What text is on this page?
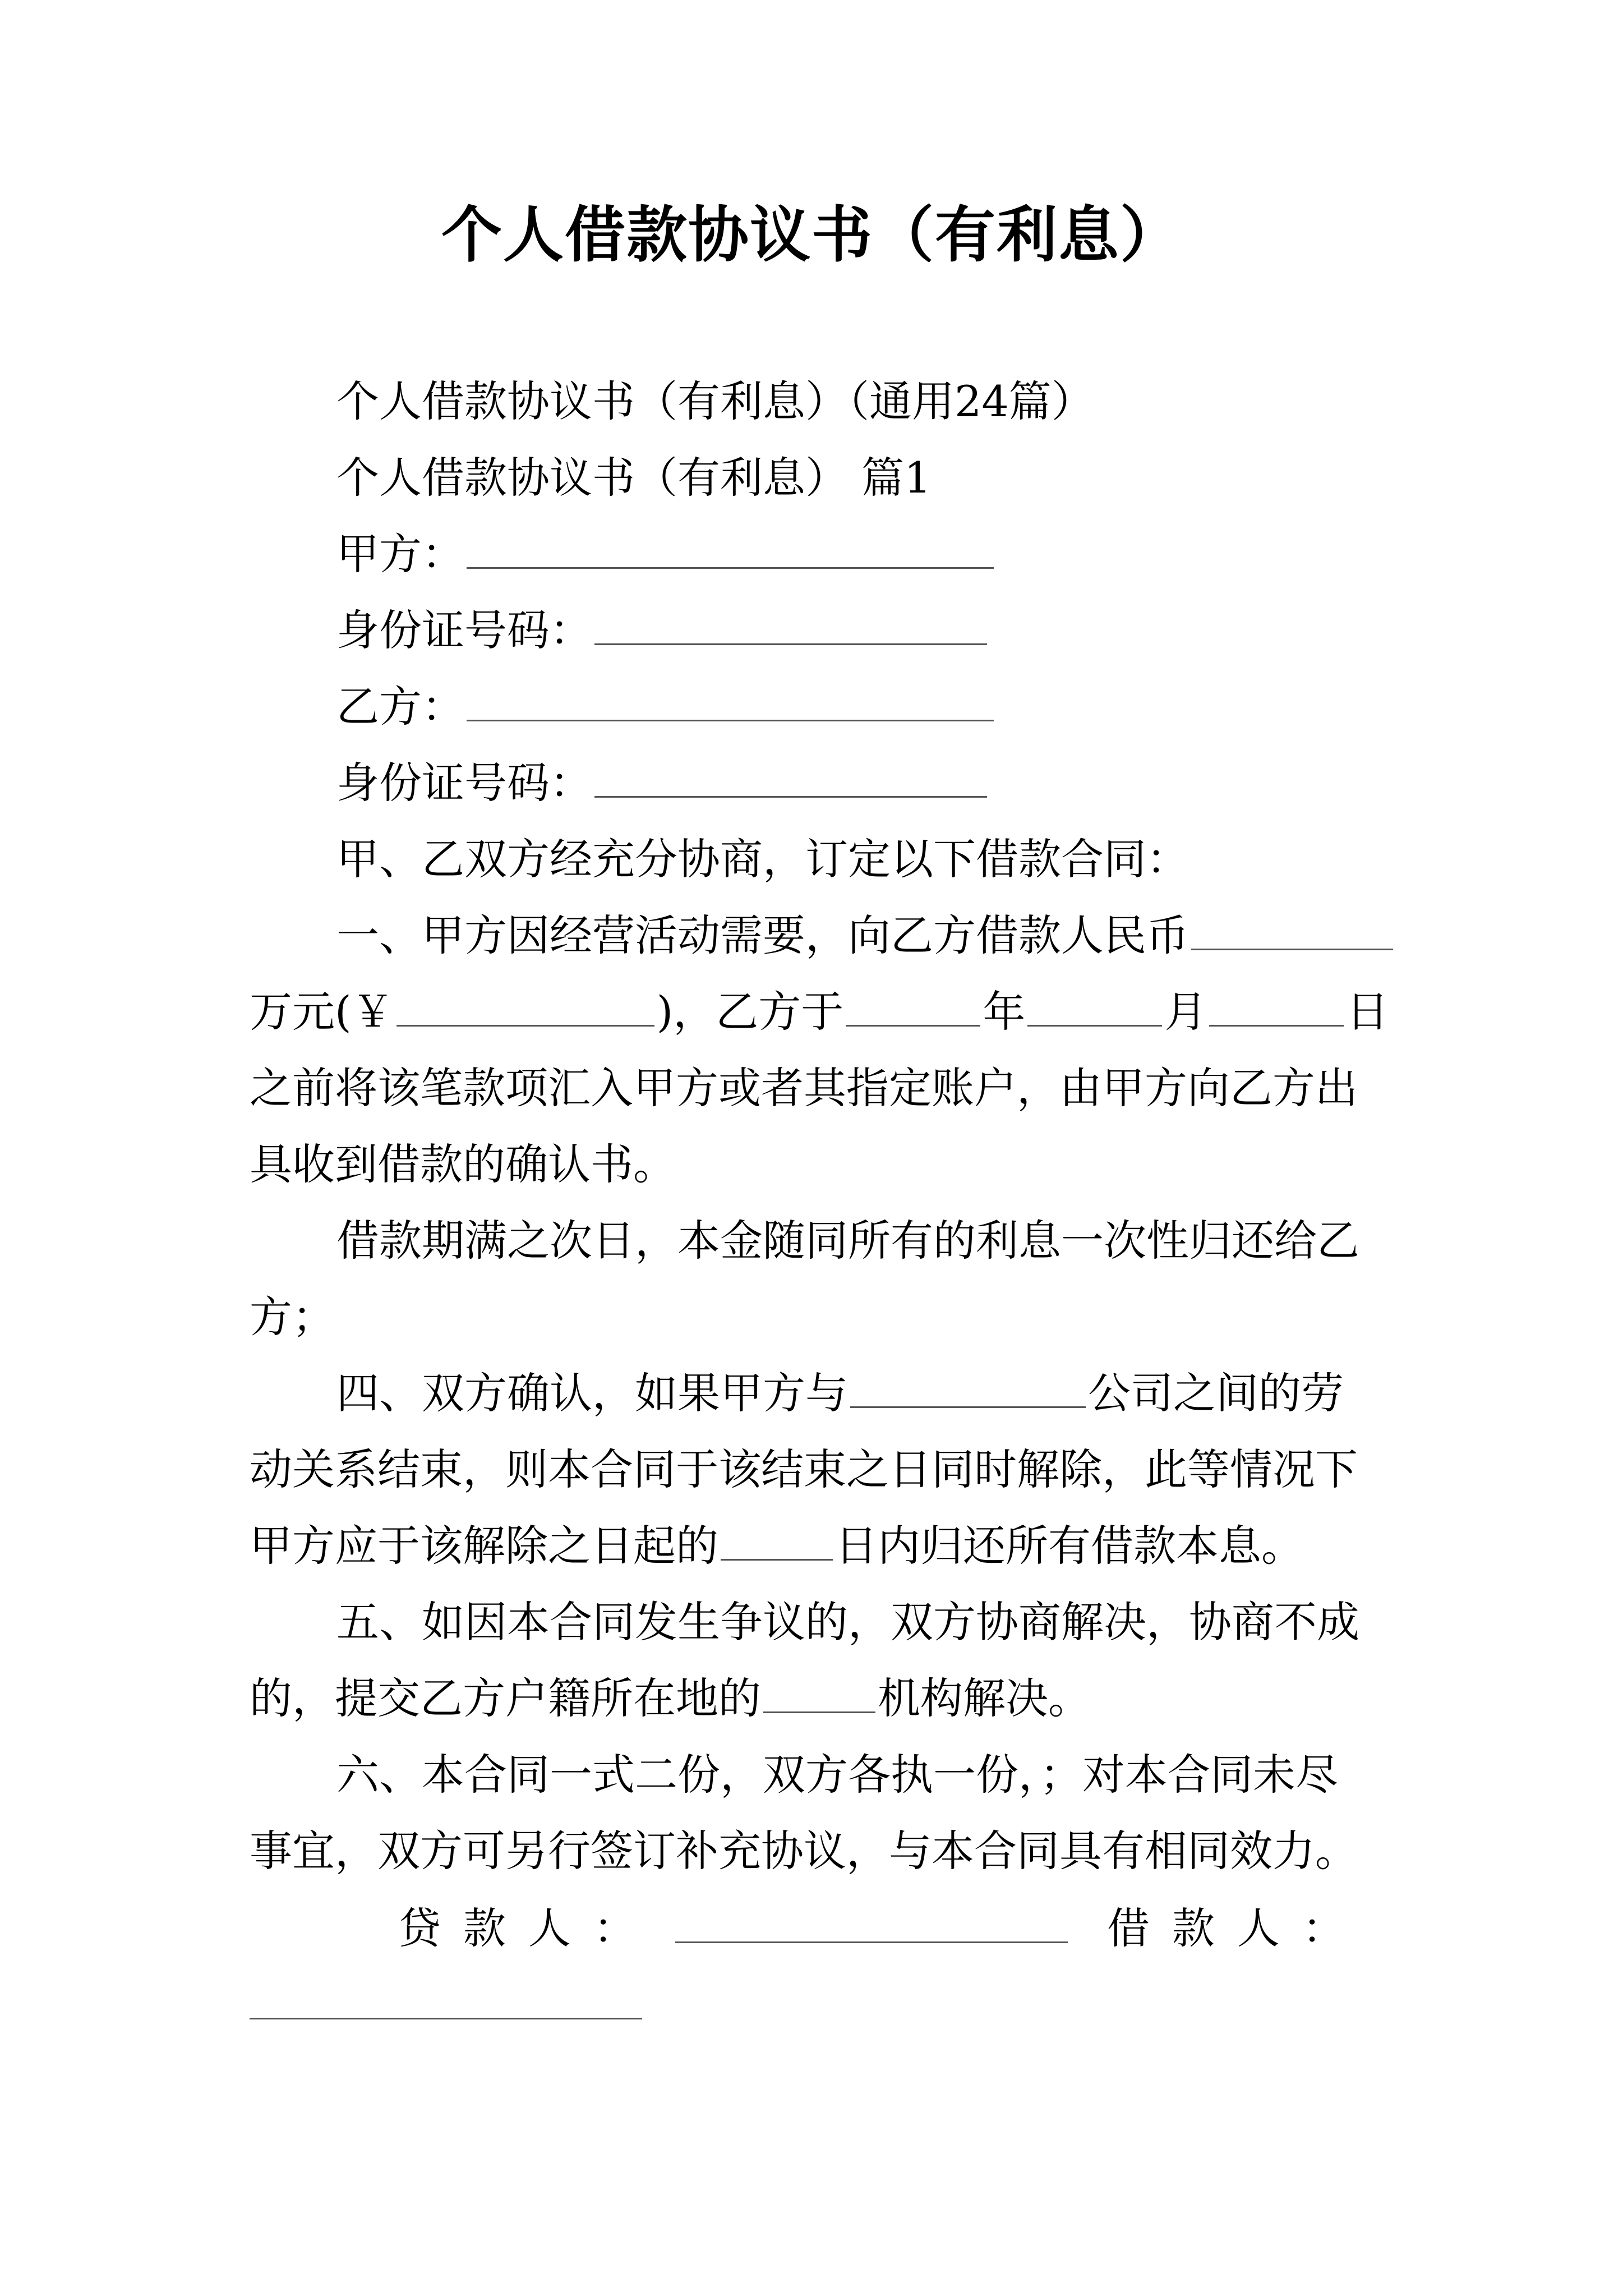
个人借款协议书（有利息）
个人借款协议书（有利息）（通用24篇）
个人借款协议书（有利息） 篇1
甲方：
身份证号码：
乙方：
身份证号码：
甲、乙双方经充分协商，订定以下借款合同：
一、甲方因经营活动需要，向乙方借款人民币
万元(￥	)，乙方于	年	月	日
之前将该笔款项汇入甲方或者其指定账户，由甲方向乙方出
具收到借款的确认书。
借款期满之次日，本金随同所有的利息一次性归还给乙
方；
四、双方确认，如果甲方与	公司之间的劳
动关系结束，则本合同于该结束之日同时解除，此等情况下
甲方应于该解除之日起的	日内归还所有借款本息。
五、如因本合同发生争议的，双方协商解决，协商不成
的，提交乙方户籍所在地的	机构解决。
六、本合同一式二份，双方各执一份，；对本合同未尽
事宜，双方可另行签订补充协议，与本合同具有相同效力。
贷款人：	借款人：
